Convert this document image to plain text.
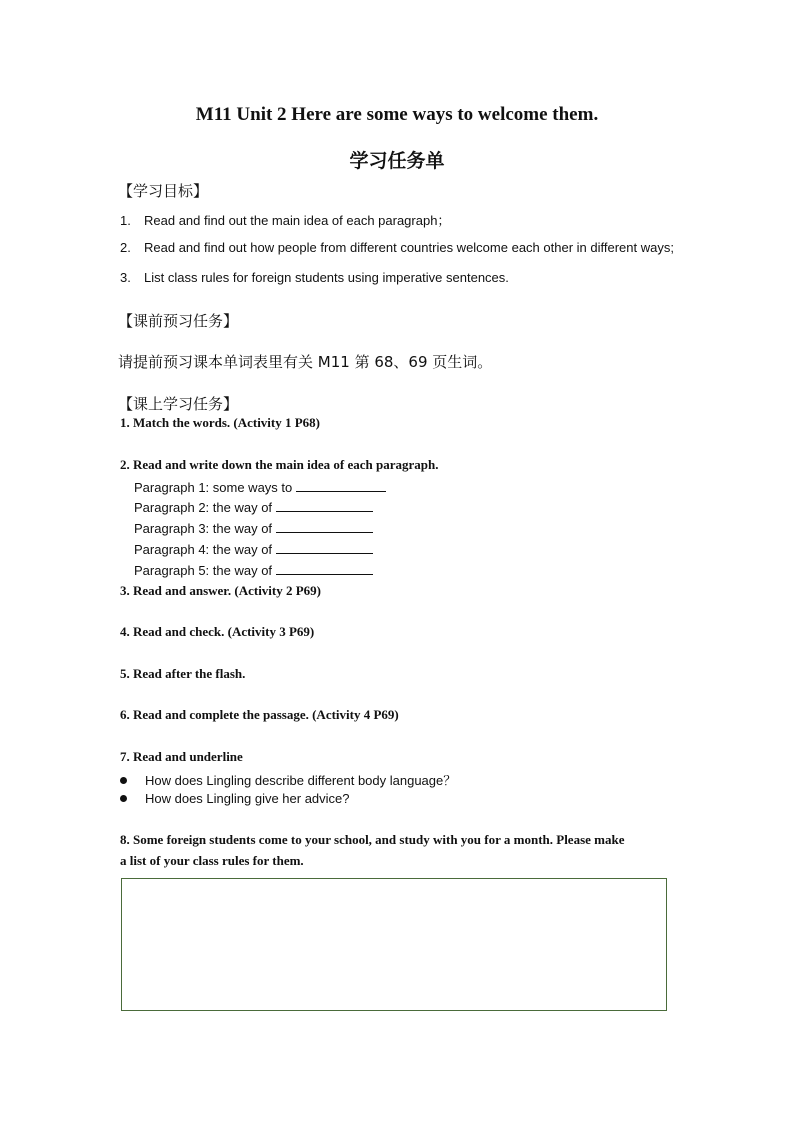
M11 Unit 2 Here are some ways to welcome them.
学习任务单
【学习目标】
1. Read and find out the main idea of each paragraph；
2. Read and find out how people from different countries welcome each other in different ways;
3. List class rules for foreign students using imperative sentences.
【课前预习任务】
请提前预习课本单词表里有关 M11 第 68、69 页生词。
【课上学习任务】
1. Match the words. (Activity 1 P68)
2. Read and write down the main idea of each paragraph.
Paragraph 1: some ways to
Paragraph 2: the way of
Paragraph 3: the way of
Paragraph 4: the way of
Paragraph 5: the way of
3. Read and answer. (Activity 2 P69)
4. Read and check. (Activity 3 P69)
5. Read after the flash.
6. Read and complete the passage. (Activity 4 P69)
7. Read and underline
How does Lingling describe different body language？
How does Lingling give her advice?
8. Some foreign students come to your school, and study with you for a month. Please make
a list of your class rules for them.
